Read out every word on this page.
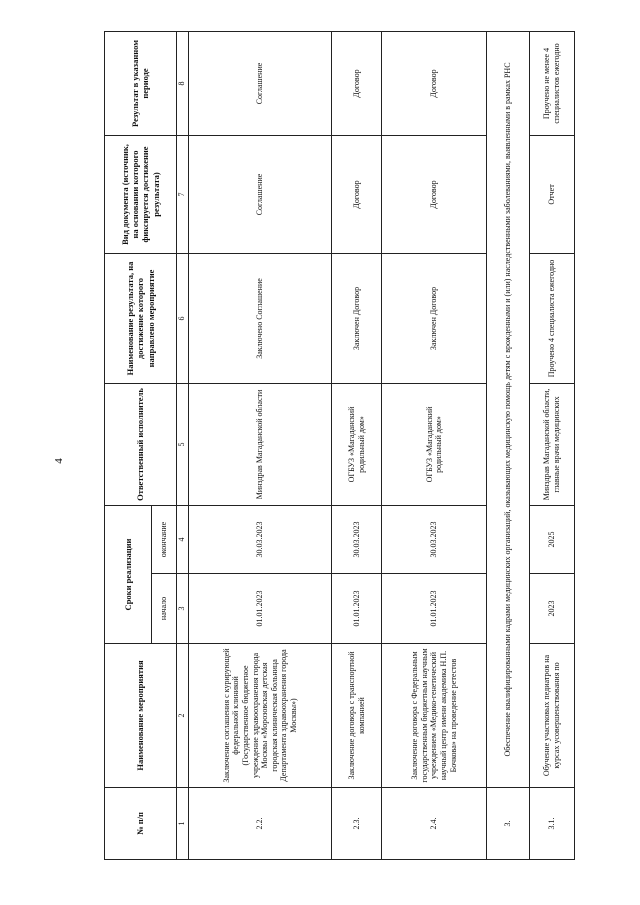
4
№ п/п	Наименование мероприятия	Сроки реализации		Ответственный исполнитель	Наименование результата, на достижение которого направлено мероприятие	Вид документа (источник, на основании которого фиксируется достижение результата)	Результат в указанном периоде
		начало	окончание				
1	2	3	4	5	6	7	8
2.2.	Заключение соглашения с курирующей федеральной клиникой (Государственное бюджетное учреждение здравоохранения города Москвы «Морозовская детская городская клиническая больница Департамента здравоохранения города Москвы»)	01.01.2023	30.03.2023	Минздрав Магаданской области	Заключено Соглашение	Соглашение	Соглашение
2.3.	Заключение договора с транспортной компанией	01.01.2023	30.03.2023	ОГБУЗ «Магаданский родильный дом»	Заключен Договор	Договор	Договор
2.4.	Заключение договора с Федеральным государственным бюджетным научным учреждением «Медико-генетический научный центр имени академика Н.П. Бочкова» на проведение ретестов	01.01.2023	30.03.2023	ОГБУЗ «Магаданский родильный дом»	Заключен Договор	Договор	Договор
3.	Обеспечение квалифицированными кадрами медицинских организаций, оказывающих медицинскую помощь детям с врожденными и (или) наследственными заболеваниями, выявленными в рамках РНС						
3.1.	Обучение участковых педиатров на курсах усовершенствования по	2023	2025	Минздрав Магаданской области, главные врачи медицинских	Проучено 4 специалиста ежегодно	Отчет	Проучено не менее 4 специалистов ежегодно
